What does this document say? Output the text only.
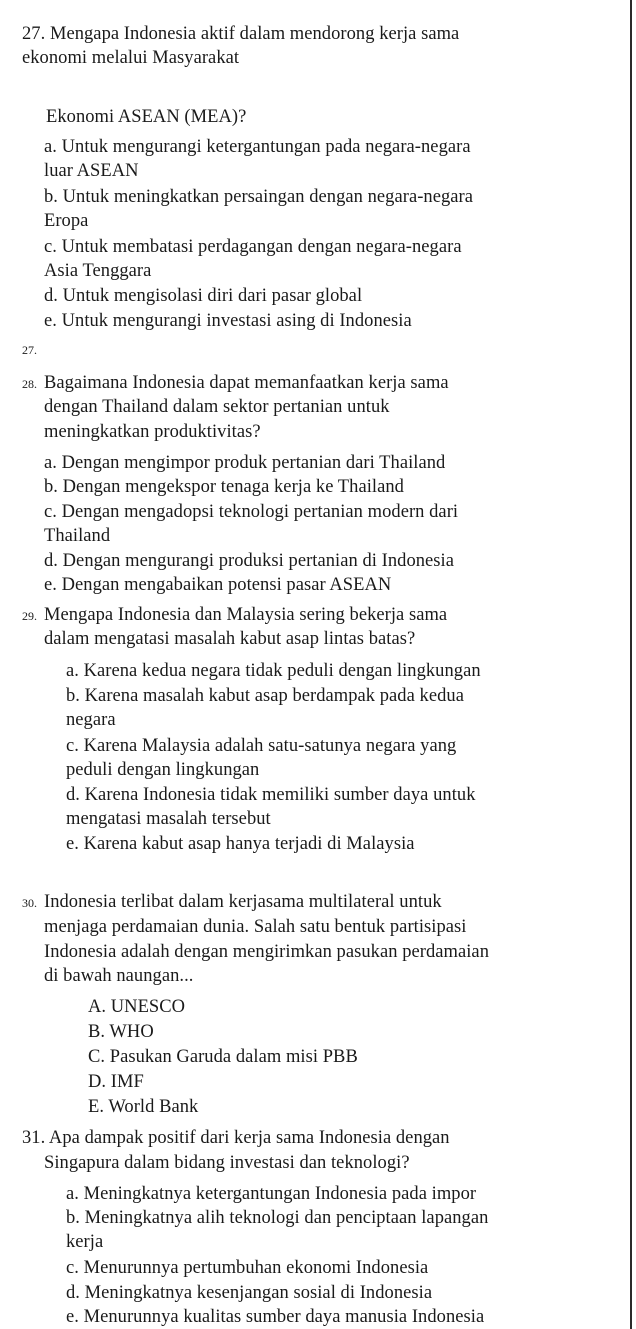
27. Mengapa Indonesia aktif dalam mendorong kerja sama
ekonomi melalui Masyarakat
Ekonomi ASEAN (MEA)?
a. Untuk mengurangi ketergantungan pada negara-negara
luar ASEAN
b. Untuk meningkatkan persaingan dengan negara-negara
Eropa
c. Untuk membatasi perdagangan dengan negara-negara
Asia Tenggara
d. Untuk mengisolasi diri dari pasar global
e. Untuk mengurangi investasi asing di Indonesia
27.
28. Bagaimana Indonesia dapat memanfaatkan kerja sama
dengan Thailand dalam sektor pertanian untuk
meningkatkan produktivitas?
a. Dengan mengimpor produk pertanian dari Thailand
b. Dengan mengekspor tenaga kerja ke Thailand
c. Dengan mengadopsi teknologi pertanian modern dari
Thailand
d. Dengan mengurangi produksi pertanian di Indonesia
e. Dengan mengabaikan potensi pasar ASEAN
29. Mengapa Indonesia dan Malaysia sering bekerja sama
dalam mengatasi masalah kabut asap lintas batas?
a. Karena kedua negara tidak peduli dengan lingkungan
b. Karena masalah kabut asap berdampak pada kedua
negara
c. Karena Malaysia adalah satu-satunya negara yang
peduli dengan lingkungan
d. Karena Indonesia tidak memiliki sumber daya untuk
mengatasi masalah tersebut
e. Karena kabut asap hanya terjadi di Malaysia
30. Indonesia terlibat dalam kerjasama multilateral untuk
menjaga perdamaian dunia. Salah satu bentuk partisipasi
Indonesia adalah dengan mengirimkan pasukan perdamaian
di bawah naungan...
A. UNESCO
B. WHO
C. Pasukan Garuda dalam misi PBB
D. IMF
E. World Bank
31. Apa dampak positif dari kerja sama Indonesia dengan
Singapura dalam bidang investasi dan teknologi?
a. Meningkatnya ketergantungan Indonesia pada impor
b. Meningkatnya alih teknologi dan penciptaan lapangan
kerja
c. Menurunnya pertumbuhan ekonomi Indonesia
d. Meningkatnya kesenjangan sosial di Indonesia
e. Menurunnya kualitas sumber daya manusia Indonesia
